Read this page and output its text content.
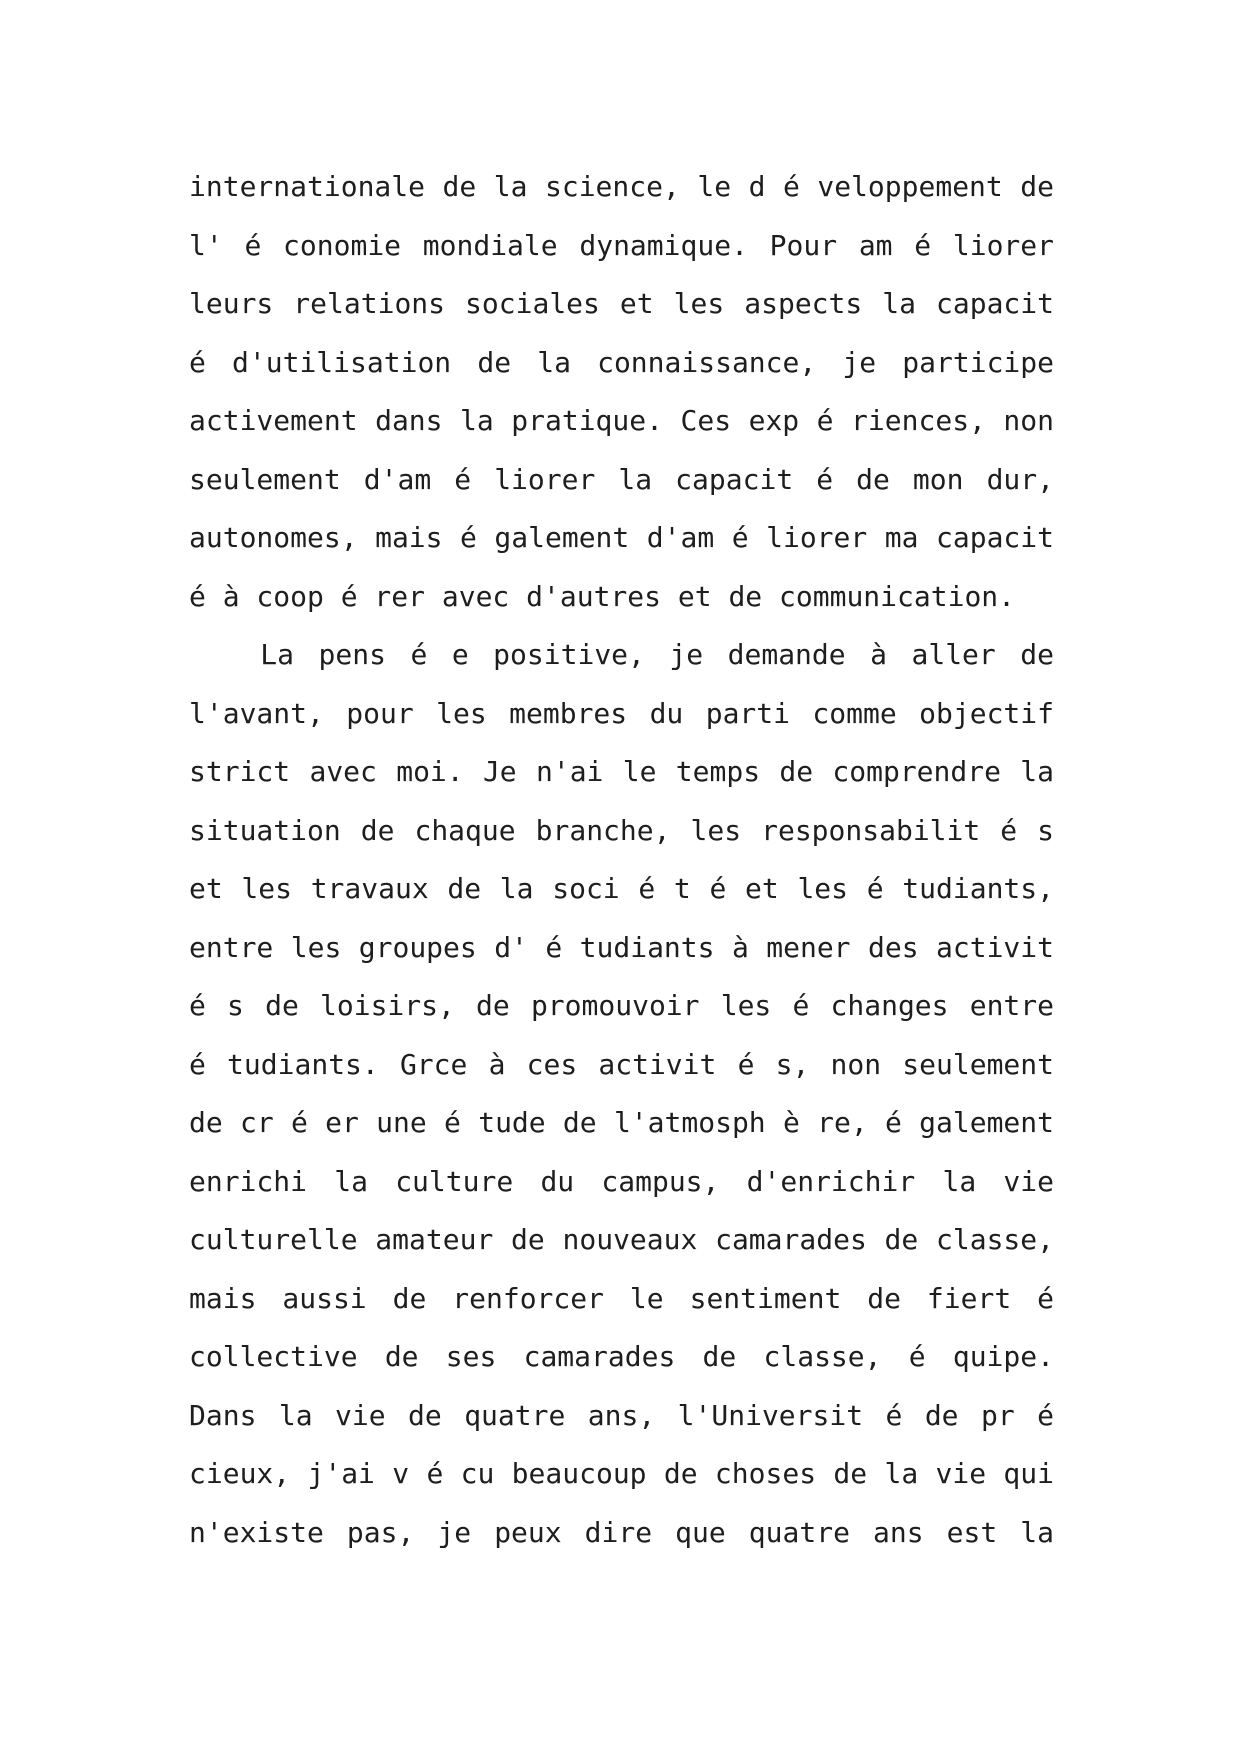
internationale de la science, le d é veloppement de
l' é conomie mondiale dynamique. Pour am é liorer
leurs relations sociales et les aspects la capacit
é d'utilisation de la connaissance, je participe
activement dans la pratique. Ces exp é riences, non
seulement d'am é liorer la capacit é de mon dur,
autonomes, mais é galement d'am é liorer ma capacit
é à coop é rer avec d'autres et de communication.
　　La pens é e positive, je demande à aller de
l'avant, pour les membres du parti comme objectif
strict avec moi. Je n'ai le temps de comprendre la
situation de chaque branche, les responsabilit é s
et les travaux de la soci é t é et les é tudiants,
entre les groupes d' é tudiants à mener des activit
é s de loisirs, de promouvoir les é changes entre
é tudiants. Grce à ces activit é s, non seulement
de cr é er une é tude de l'atmosph è re, é galement
enrichi la culture du campus, d'enrichir la vie
culturelle amateur de nouveaux camarades de classe,
mais aussi de renforcer le sentiment de fiert é
collective de ses camarades de classe, é quipe.
Dans la vie de quatre ans, l'Universit é de pr é
cieux, j'ai v é cu beaucoup de choses de la vie qui
n'existe pas, je peux dire que quatre ans est la
